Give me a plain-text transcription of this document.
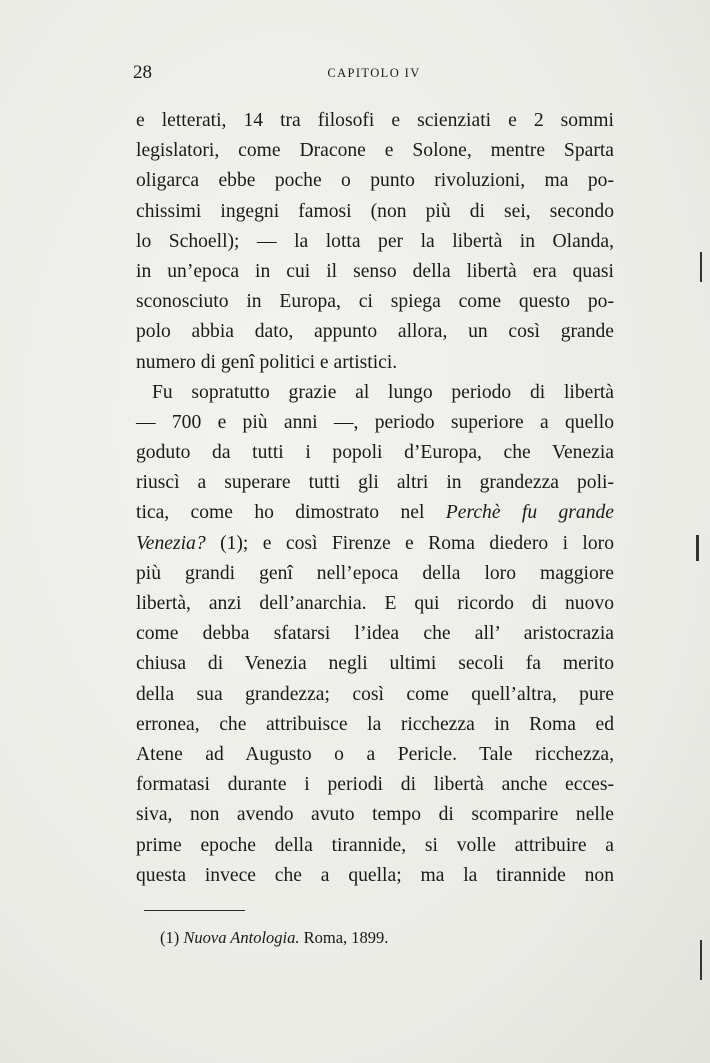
28	CAPITOLO IV
e letterati, 14 tra filosofi e scienziati e 2 sommi
legislatori, come Dracone e Solone, mentre Sparta
oligarca ebbe poche o punto rivoluzioni, ma po-
chissimi ingegni famosi (non più di sei, secondo
lo Schoell); — la lotta per la libertà in Olanda,
in un’epoca in cui il senso della libertà era quasi
sconosciuto in Europa, ci spiega come questo po-
polo abbia dato, appunto allora, un così grande
numero di genî politici e artistici.
Fu sopratutto grazie al lungo periodo di libertà
— 700 e più anni —, periodo superiore a quello
goduto da tutti i popoli d’Europa, che Venezia
riuscì a superare tutti gli altri in grandezza poli-
tica, come ho dimostrato nel Perchè fu grande
Venezia? (1); e così Firenze e Roma diedero i loro
più grandi genî nell’epoca della loro maggiore
libertà, anzi dell’anarchia. E qui ricordo di nuovo
come debba sfatarsi l’idea che all’ aristocrazia
chiusa di Venezia negli ultimi secoli fa merito
della sua grandezza; così come quell’altra, pure
erronea, che attribuisce la ricchezza in Roma ed
Atene ad Augusto o a Pericle. Tale ricchezza,
formatasi durante i periodi di libertà anche ecces-
siva, non avendo avuto tempo di scomparire nelle
prime epoche della tirannide, si volle attribuire a
questa invece che a quella; ma la tirannide non
(1) Nuova Antologia. Roma, 1899.
